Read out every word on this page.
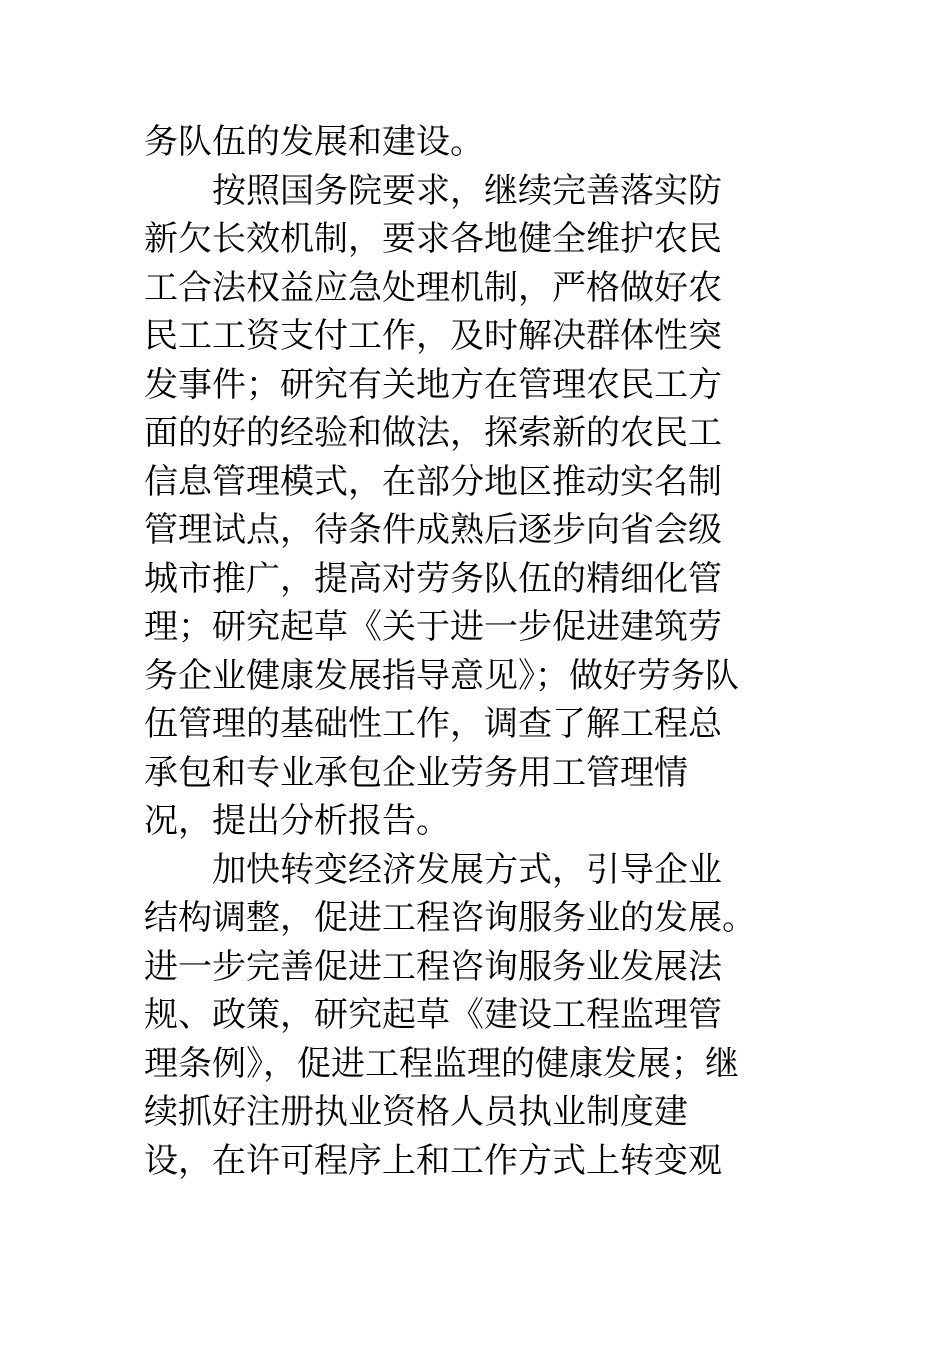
务队伍的发展和建设。
　　按照国务院要求，继续完善落实防
新欠长效机制，要求各地健全维护农民
工合法权益应急处理机制，严格做好农
民工工资支付工作，及时解决群体性突
发事件；研究有关地方在管理农民工方
面的好的经验和做法，探索新的农民工
信息管理模式，在部分地区推动实名制
管理试点，待条件成熟后逐步向省会级
城市推广，提高对劳务队伍的精细化管
理；研究起草《关于进一步促进建筑劳
务企业健康发展指导意见》；做好劳务队
伍管理的基础性工作，调查了解工程总
承包和专业承包企业劳务用工管理情
况，提出分析报告。
　　加快转变经济发展方式，引导企业
结构调整，促进工程咨询服务业的发展。
进一步完善促进工程咨询服务业发展法
规、政策，研究起草《建设工程监理管
理条例》，促进工程监理的健康发展；继
续抓好注册执业资格人员执业制度建
设，在许可程序上和工作方式上转变观
